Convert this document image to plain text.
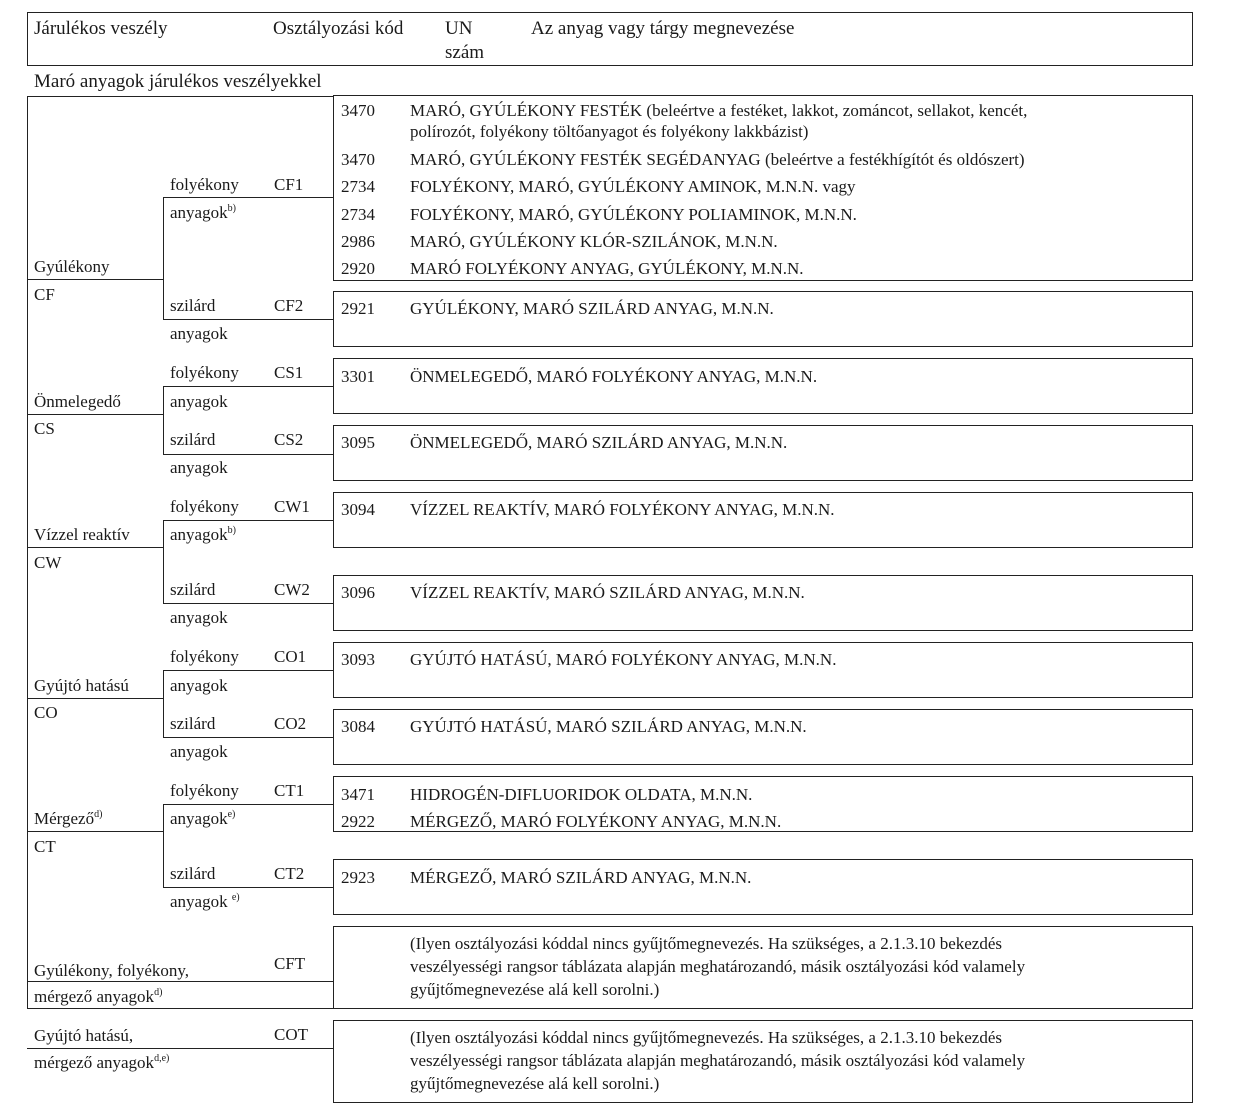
Járulékos veszély	Osztályozási kód UN
szám
Az anyag vagy tárgy megnevezése
Maró anyagok járulékos veszélyekkel
Gyúlékony
CF
Önmelegedő
CS
Vízzel reaktív
CW
Gyújtó hatású
CO
Mérgező$^{d)}$
CT
Gyúlékony, folyékony,
mérgező anyagok$^{d)}$
Gyújtó hatású,
mérgező anyagok$^{d,e)}$
folyékony
anyagok$^{b)}$
szilárd
anyagok
folyékony
anyagok
szilárd
anyagok
folyékony
anyagok$^{b)}$
szilárd
anyagok
folyékony
anyagok
szilárd
anyagok
folyékony
anyagok$^{e)}$
szilárd
anyagok $^{e)}$
CF1
CF2
CS1
CS2
CW1
CW2
CO1
CO2
CT1
CT2
CFT
COT
3470 MARÓ, GYÚLÉKONY FESTÉK (beleértve a festéket, lakkot, zománcot, sellakot, kencét,
polírozót, folyékony töltőanyagot és folyékony lakkbázist)
3470 MARÓ, GYÚLÉKONY FESTÉK SEGÉDANYAG (beleértve a festékhígítót és oldószert)
2734 FOLYÉKONY, MARÓ, GYÚLÉKONY AMINOK, M.N.N. vagy
2734 FOLYÉKONY, MARÓ, GYÚLÉKONY POLIAMINOK, M.N.N.
2986 MARÓ, GYÚLÉKONY KLÓR-SZILÁNOK, M.N.N.
2920 MARÓ FOLYÉKONY ANYAG, GYÚLÉKONY, M.N.N.
2921 GYÚLÉKONY, MARÓ SZILÁRD ANYAG, M.N.N.
3301 ÖNMELEGEDŐ, MARÓ FOLYÉKONY ANYAG, M.N.N.
3095 ÖNMELEGEDŐ, MARÓ SZILÁRD ANYAG, M.N.N.
3094 VÍZZEL REAKTÍV, MARÓ FOLYÉKONY ANYAG, M.N.N.
3096 VÍZZEL REAKTÍV, MARÓ SZILÁRD ANYAG, M.N.N.
3093 GYÚJTÓ HATÁSÚ, MARÓ FOLYÉKONY ANYAG, M.N.N.
3084 GYÚJTÓ HATÁSÚ, MARÓ SZILÁRD ANYAG, M.N.N.
3471 HIDROGÉN-DIFLUORIDOK OLDATA, M.N.N.
2922 MÉRGEZŐ, MARÓ FOLYÉKONY ANYAG, M.N.N.
2923 MÉRGEZŐ, MARÓ SZILÁRD ANYAG, M.N.N.
(Ilyen osztályozási kóddal nincs gyűjtőmegnevezés. Ha szükséges, a 2.1.3.10 bekezdés
veszélyességi rangsor táblázata alapján meghatározandó, másik osztályozási kód valamely
gyűjtőmegnevezése alá kell sorolni.)
(Ilyen osztályozási kóddal nincs gyűjtőmegnevezés. Ha szükséges, a 2.1.3.10 bekezdés
veszélyességi rangsor táblázata alapján meghatározandó, másik osztályozási kód valamely
gyűjtőmegnevezése alá kell sorolni.)
